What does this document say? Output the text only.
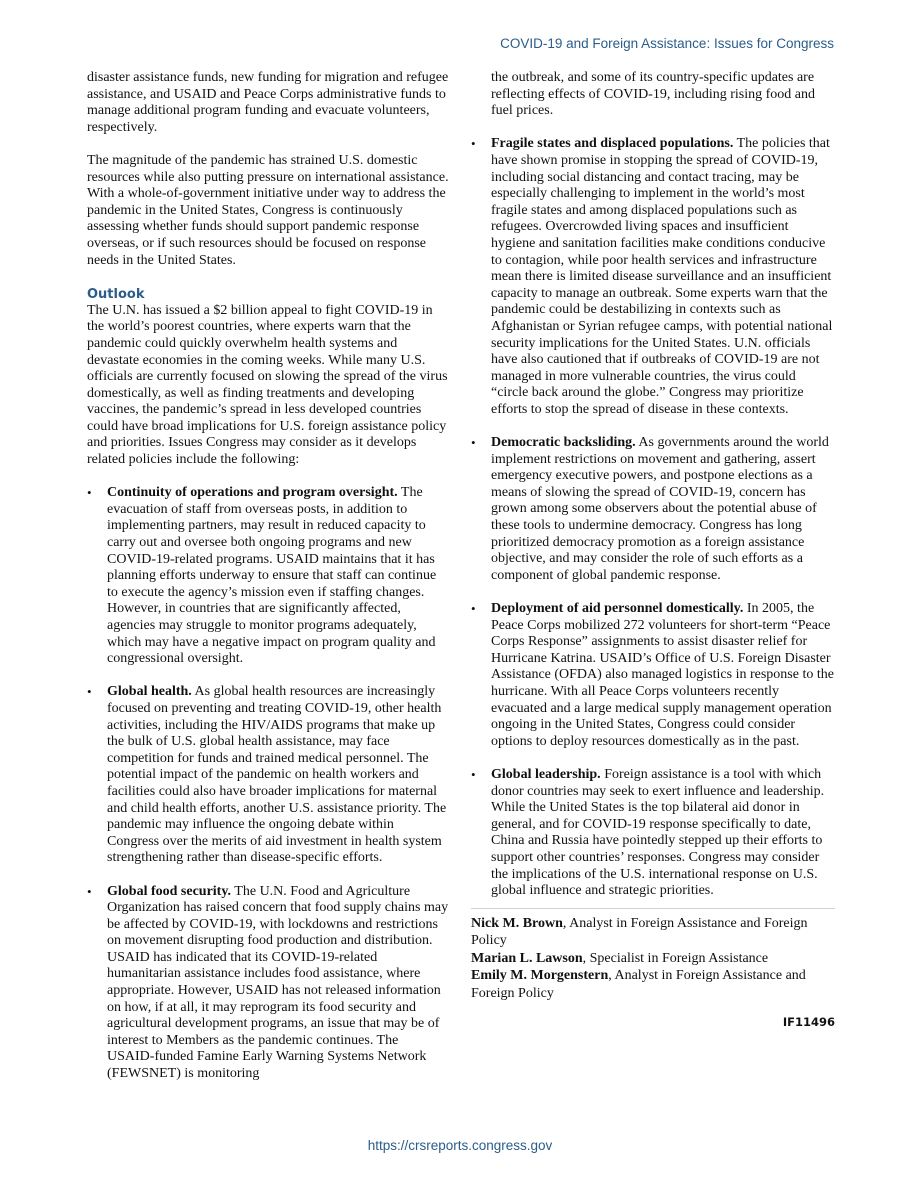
COVID-19 and Foreign Assistance: Issues for Congress

disaster assistance funds, new funding for migration and refugee assistance, and USAID and Peace Corps administrative funds to manage additional program funding and evacuate volunteers, respectively.

The magnitude of the pandemic has strained U.S. domestic resources while also putting pressure on international assistance. With a whole-of-government initiative under way to address the pandemic in the United States, Congress is continuously assessing whether funds should support pandemic response overseas, or if such resources should be focused on response needs in the United States.

Outlook

The U.N. has issued a $2 billion appeal to fight COVID-19 in the world’s poorest countries, where experts warn that the pandemic could quickly overwhelm health systems and devastate economies in the coming weeks. While many U.S. officials are currently focused on slowing the spread of the virus domestically, as well as finding treatments and developing vaccines, the pandemic’s spread in less developed countries could have broad implications for U.S. foreign assistance policy and priorities. Issues Congress may consider as it develops related policies include the following:

• Continuity of operations and program oversight. The evacuation of staff from overseas posts, in addition to implementing partners, may result in reduced capacity to carry out and oversee both ongoing programs and new COVID-19-related programs. USAID maintains that it has planning efforts underway to ensure that staff can continue to execute the agency’s mission even if staffing changes. However, in countries that are significantly affected, agencies may struggle to monitor programs adequately, which may have a negative impact on program quality and congressional oversight.
• Global health. As global health resources are increasingly focused on preventing and treating COVID-19, other health activities, including the HIV/AIDS programs that make up the bulk of U.S. global health assistance, may face competition for funds and trained medical personnel. The potential impact of the pandemic on health workers and facilities could also have broader implications for maternal and child health efforts, another U.S. assistance priority. The pandemic may influence the ongoing debate within Congress over the merits of aid investment in health system strengthening rather than disease-specific efforts.
• Global food security. The U.N. Food and Agriculture Organization has raised concern that food supply chains may be affected by COVID-19, with lockdowns and restrictions on movement disrupting food production and distribution. USAID has indicated that its COVID-19-related humanitarian assistance includes food assistance, where appropriate. However, USAID has not released information on how, if at all, it may reprogram its food security and agricultural development programs, an issue that may be of interest to Members as the pandemic continues. The USAID-funded Famine Early Warning Systems Network (FEWSNET) is monitoring

the outbreak, and some of its country-specific updates are reflecting effects of COVID-19, including rising food and fuel prices.

• Fragile states and displaced populations. The policies that have shown promise in stopping the spread of COVID-19, including social distancing and contact tracing, may be especially challenging to implement in the world’s most fragile states and among displaced populations such as refugees. Overcrowded living spaces and insufficient hygiene and sanitation facilities make conditions conducive to contagion, while poor health services and infrastructure mean there is limited disease surveillance and an insufficient capacity to manage an outbreak. Some experts warn that the pandemic could be destabilizing in contexts such as Afghanistan or Syrian refugee camps, with potential national security implications for the United States. U.N. officials have also cautioned that if outbreaks of COVID-19 are not managed in more vulnerable countries, the virus could “circle back around the globe.” Congress may prioritize efforts to stop the spread of disease in these contexts.
• Democratic backsliding. As governments around the world implement restrictions on movement and gathering, assert emergency executive powers, and postpone elections as a means of slowing the spread of COVID-19, concern has grown among some observers about the potential abuse of these tools to undermine democracy. Congress has long prioritized democracy promotion as a foreign assistance objective, and may consider the role of such efforts as a component of global pandemic response.
• Deployment of aid personnel domestically. In 2005, the Peace Corps mobilized 272 volunteers for short-term “Peace Corps Response” assignments to assist disaster relief for Hurricane Katrina. USAID’s Office of U.S. Foreign Disaster Assistance (OFDA) also managed logistics in response to the hurricane. With all Peace Corps volunteers recently evacuated and a large medical supply management operation ongoing in the United States, Congress could consider options to deploy resources domestically as in the past.
• Global leadership. Foreign assistance is a tool with which donor countries may seek to exert influence and leadership. While the United States is the top bilateral aid donor in general, and for COVID-19 response specifically to date, China and Russia have pointedly stepped up their efforts to support other countries’ responses. Congress may consider the implications of the U.S. international response on U.S. global influence and strategic priorities.

Nick M. Brown, Analyst in Foreign Assistance and Foreign Policy

Marian L. Lawson, Specialist in Foreign Assistance

Emily M. Morgenstern, Analyst in Foreign Assistance and Foreign Policy

IF11496
https://crsreports.congress.gov
